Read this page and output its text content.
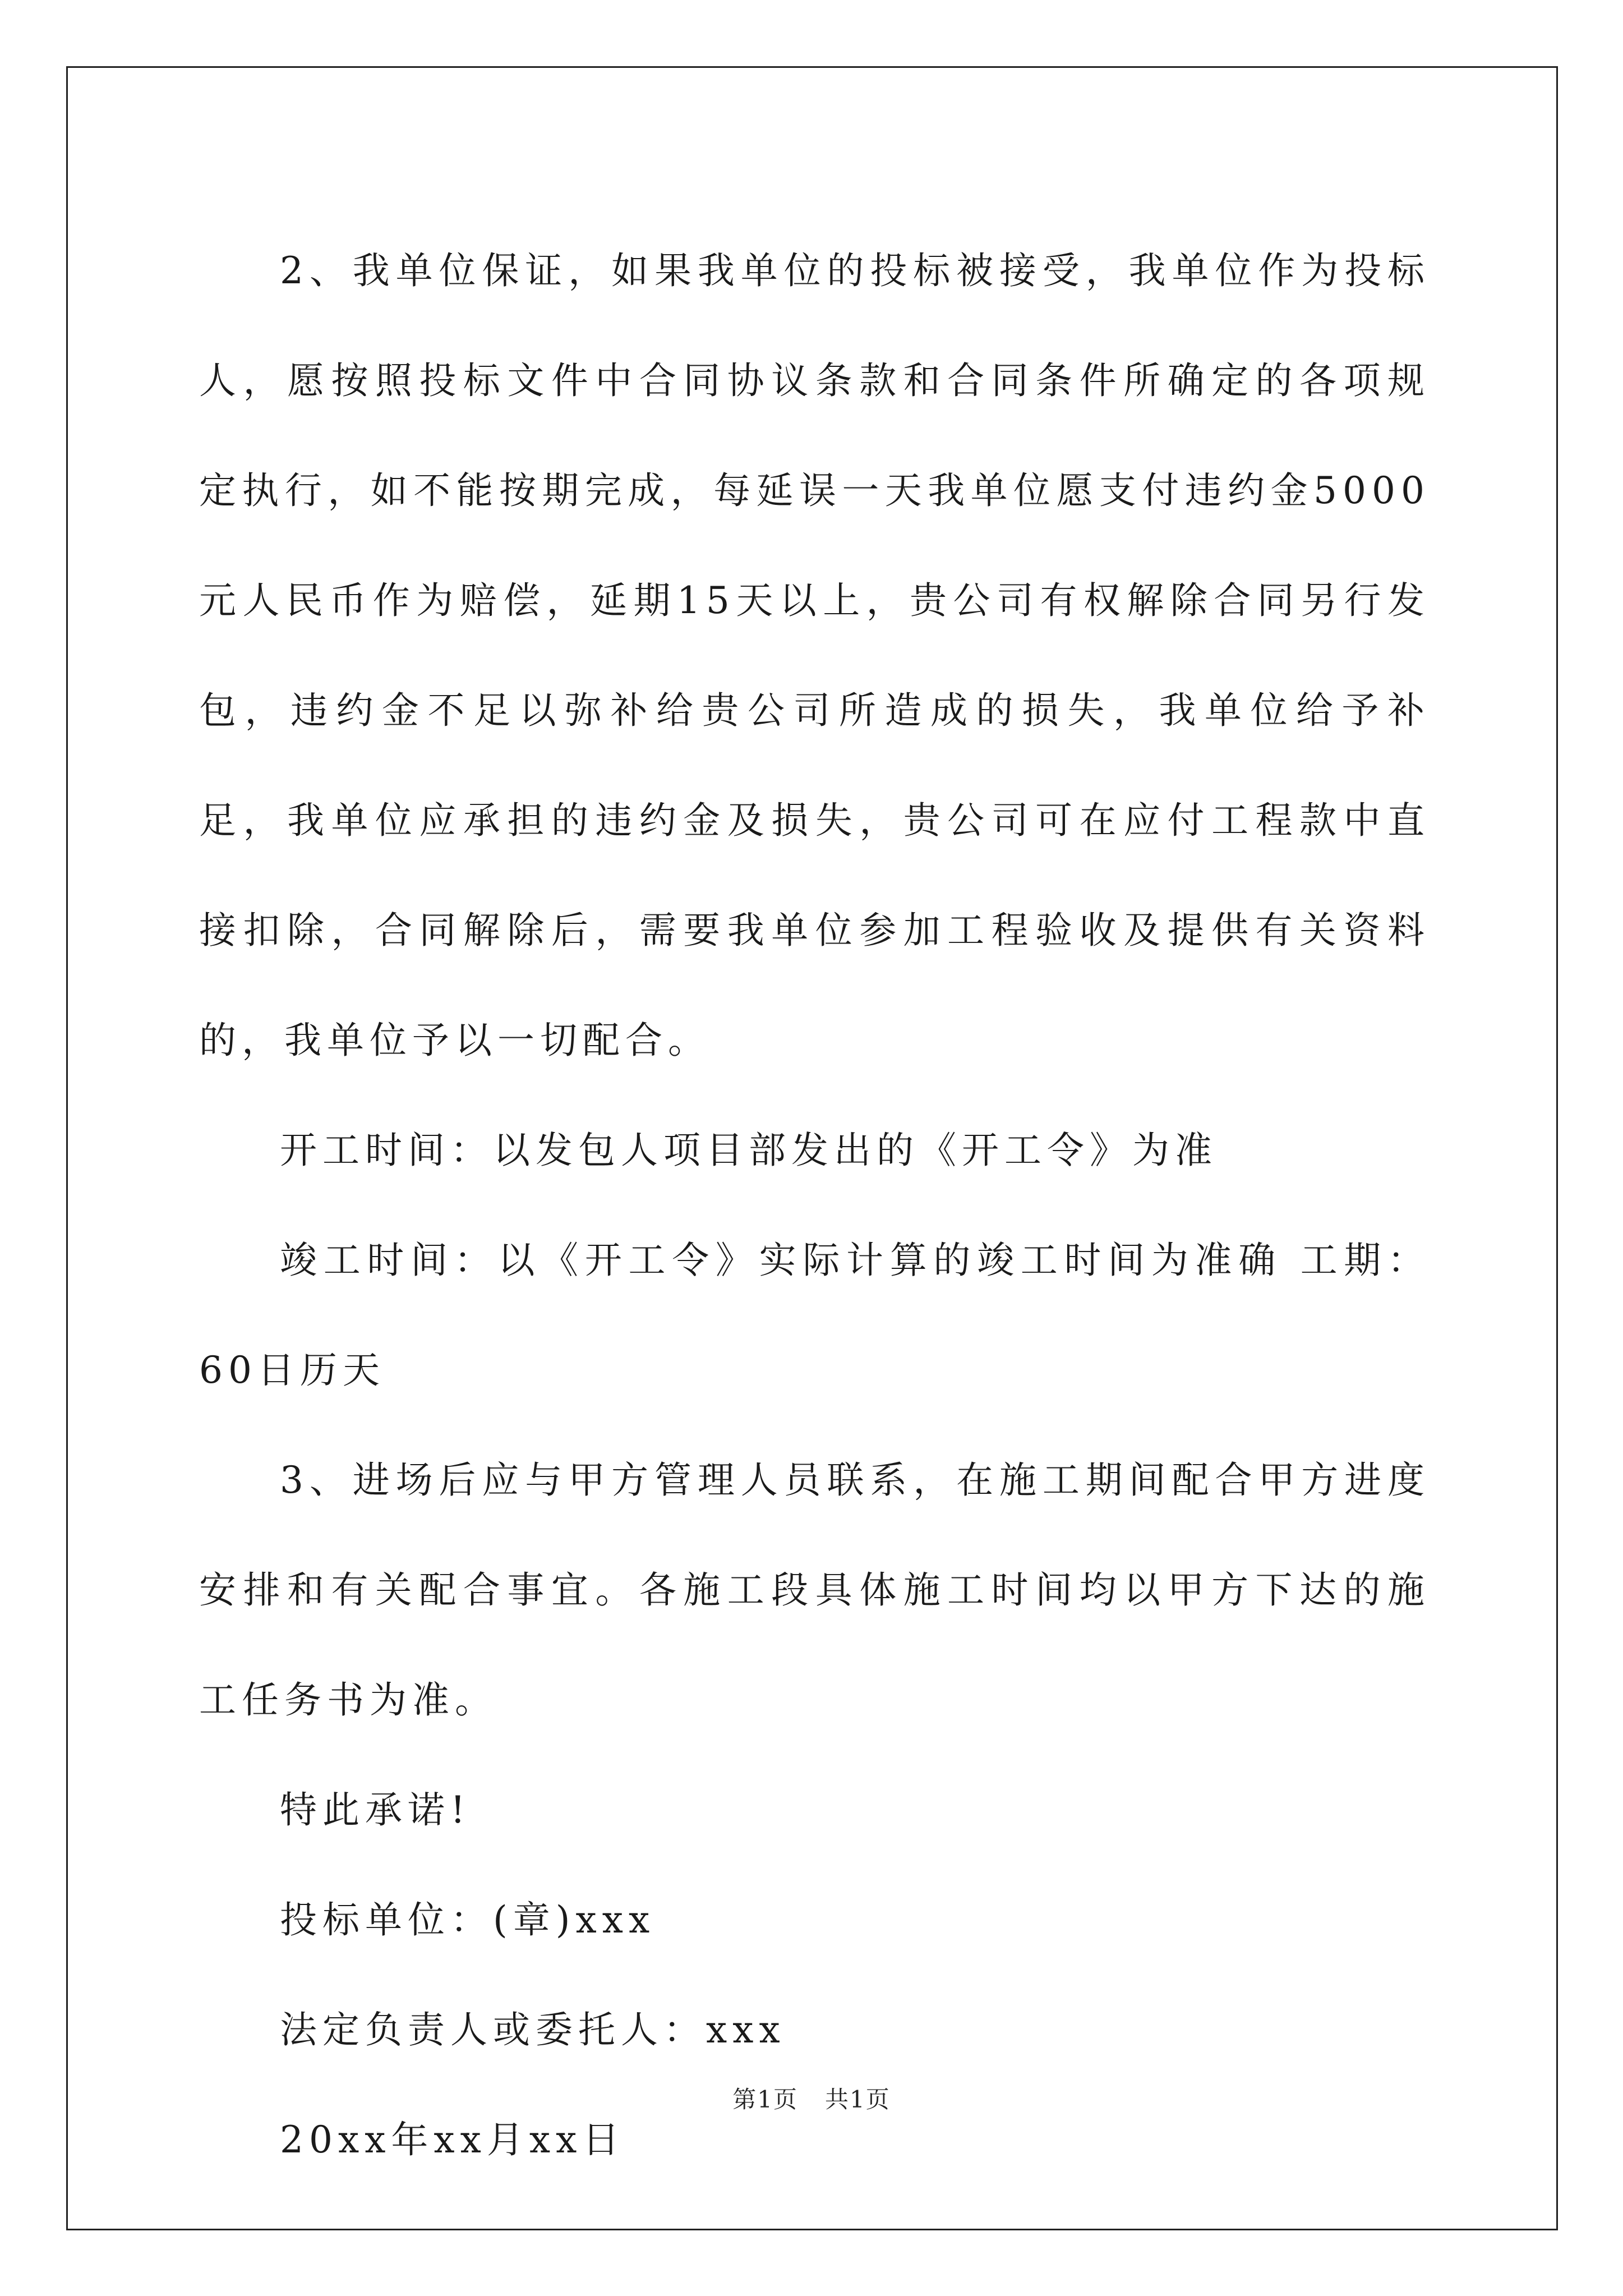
2、我单位保证，如果我单位的投标被接受，我单位作为投标人，愿按照投标文件中合同协议条款和合同条件所确定的各项规定执行，如不能按期完成，每延误一天我单位愿支付违约金5000元人民币作为赔偿，延期15天以上，贵公司有权解除合同另行发包，违约金不足以弥补给贵公司所造成的损失，我单位给予补足，我单位应承担的违约金及损失，贵公司可在应付工程款中直接扣除，合同解除后，需要我单位参加工程验收及提供有关资料的，我单位予以一切配合。

开工时间：以发包人项目部发出的《开工令》为准

竣工时间：以《开工令》实际计算的竣工时间为准确 工期：60日历天

3、进场后应与甲方管理人员联系，在施工期间配合甲方进度安排和有关配合事宜。各施工段具体施工时间均以甲方下达的施工任务书为准。

特此承诺!

投标单位：(章)xxx

法定负责人或委托人：xxx

20xx年xx月xx日

第1页 共1页
